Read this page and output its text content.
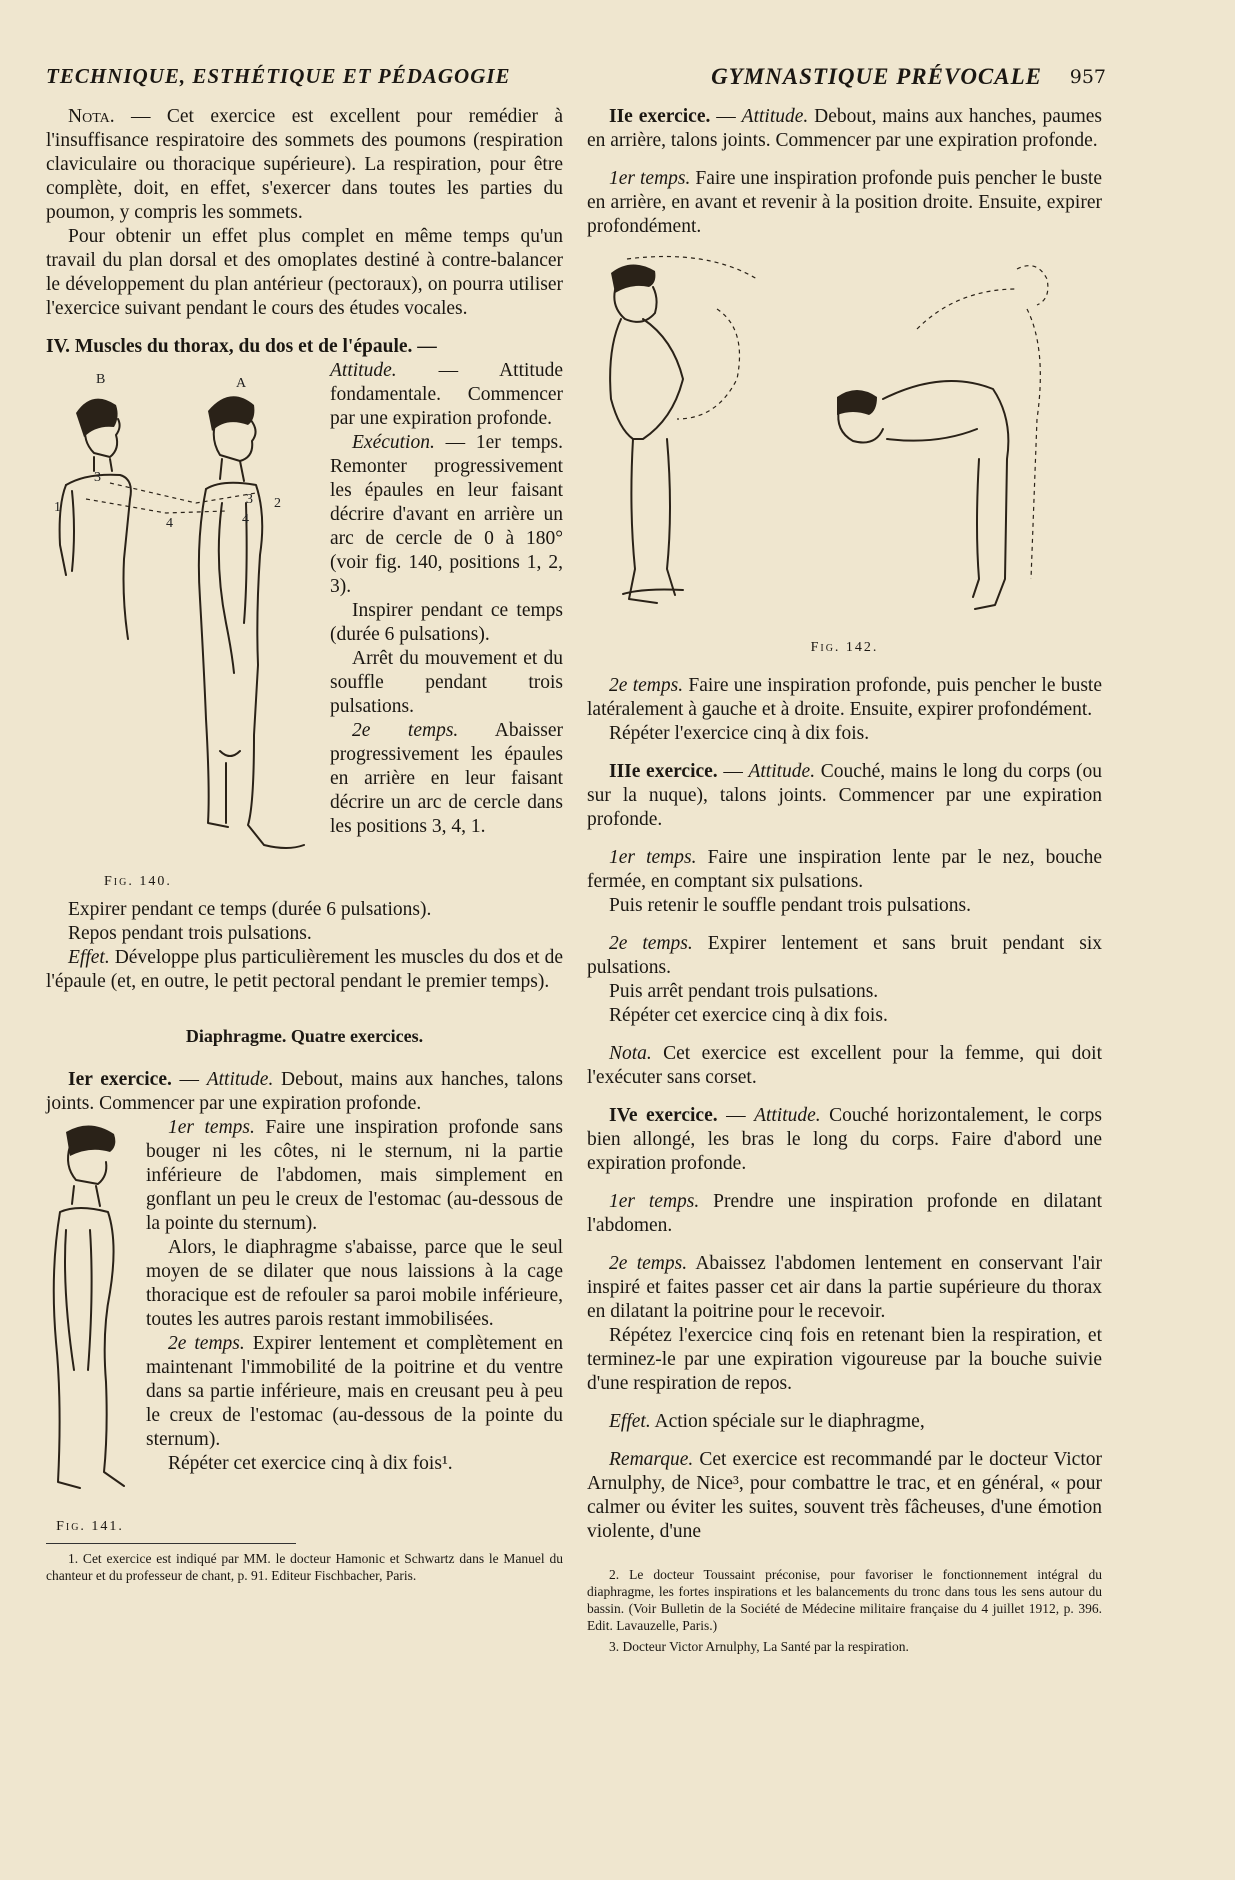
TECHNIQUE, ESTHÉTIQUE ET PÉDAGOGIE	GYMNASTIQUE PRÉVOCALE 957

Nota. — Cet exercice est excellent pour remédier à l'insuffisance respiratoire des sommets des poumons (respiration claviculaire ou thoracique supérieure). La respiration, pour être complète, doit, en effet, s'exercer dans toutes les parties du poumon, y compris les sommets.

Pour obtenir un effet plus complet en même temps qu'un travail du plan dorsal et des omoplates destiné à contre-balancer le développement du plan antérieur (pectoraux), on pourra utiliser l'exercice suivant pendant le cours des études vocales.

IV. Muscles du thorax, du dos et de l'épaule. —

B	A
1
3
4
3 2
4
Fig. 140.

Attitude. — Attitude fondamentale. Commencer par une expiration profonde.

Exécution. — 1er temps. Remonter progressivement les épaules en leur faisant décrire d'avant en arrière un arc de cercle de 0 à 180° (voir fig. 140, positions 1, 2, 3).

Inspirer pendant ce temps (durée 6 pulsations).

Arrêt du mouvement et du souffle pendant trois pulsations.

2e temps. Abaisser progressivement les épaules en arrière en leur faisant décrire un arc de cercle dans les positions 3, 4, 1.

Expirer pendant ce temps (durée 6 pulsations).

Repos pendant trois pulsations.

Effet. Développe plus particulièrement les muscles du dos et de l'épaule (et, en outre, le petit pectoral pendant le premier temps).

Diaphragme. Quatre exercices.

Ier exercice. — Attitude. Debout, mains aux hanches, talons joints. Commencer par une expiration profonde.

Fig. 141.

1er temps. Faire une inspiration profonde sans bouger ni les côtes, ni le sternum, ni la partie inférieure de l'abdomen, mais simplement en gonflant un peu le creux de l'estomac (au-dessous de la pointe du sternum).

Alors, le diaphragme s'abaisse, parce que le seul moyen de se dilater que nous laissions à la cage thoracique est de refouler sa paroi mobile inférieure, toutes les autres parois restant immobilisées.

2e temps. Expirer lentement et complètement en maintenant l'immobilité de la poitrine et du ventre dans sa partie inférieure, mais en creusant peu à peu le creux de l'estomac (au-dessous de la pointe du sternum).

Répéter cet exercice cinq à dix fois¹.

1. Cet exercice est indiqué par MM. le docteur Hamonic et Schwartz dans le Manuel du chanteur et du professeur de chant, p. 91. Editeur Fischbacher, Paris.

IIe exercice. — Attitude. Debout, mains aux hanches, paumes en arrière, talons joints. Commencer par une expiration profonde.

1er temps. Faire une inspiration profonde puis pencher le buste en arrière, en avant et revenir à la position droite. Ensuite, expirer profondément.

Fig. 142.

2e temps. Faire une inspiration profonde, puis pencher le buste latéralement à gauche et à droite. Ensuite, expirer profondément.

Répéter l'exercice cinq à dix fois.

IIIe exercice. — Attitude. Couché, mains le long du corps (ou sur la nuque), talons joints. Commencer par une expiration profonde.

1er temps. Faire une inspiration lente par le nez, bouche fermée, en comptant six pulsations.

Puis retenir le souffle pendant trois pulsations.

2e temps. Expirer lentement et sans bruit pendant six pulsations.

Puis arrêt pendant trois pulsations.

Répéter cet exercice cinq à dix fois.

Nota. Cet exercice est excellent pour la femme, qui doit l'exécuter sans corset.

IVe exercice. — Attitude. Couché horizontalement, le corps bien allongé, les bras le long du corps. Faire d'abord une expiration profonde.

1er temps. Prendre une inspiration profonde en dilatant l'abdomen.

2e temps. Abaissez l'abdomen lentement en conservant l'air inspiré et faites passer cet air dans la partie supérieure du thorax en dilatant la poitrine pour le recevoir.

Répétez l'exercice cinq fois en retenant bien la respiration, et terminez-le par une expiration vigoureuse par la bouche suivie d'une respiration de repos.

Effet. Action spéciale sur le diaphragme,

Remarque. Cet exercice est recommandé par le docteur Victor Arnulphy, de Nice³, pour combattre le trac, et en général, « pour calmer ou éviter les suites, souvent très fâcheuses, d'une émotion violente, d'une

2. Le docteur Toussaint préconise, pour favoriser le fonctionnement intégral du diaphragme, les fortes inspirations et les balancements du tronc dans tous les sens autour du bassin. (Voir Bulletin de la Société de Médecine militaire française du 4 juillet 1912, p. 396. Edit. Lavauzelle, Paris.)

3. Docteur Victor Arnulphy, La Santé par la respiration.
